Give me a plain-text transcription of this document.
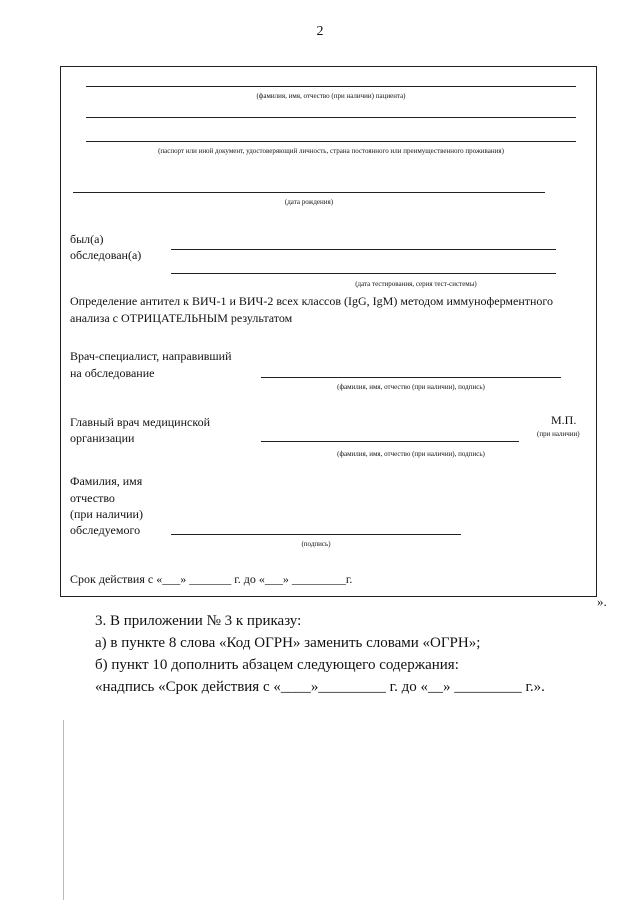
2
(фамилия, имя, отчество (при наличии) пациента)
(паспорт или иной документ, удостоверяющий личность, страна постоянного или преимущественного проживания)
(дата рождения)
был(а)
обследован(а)
(дата тестирования, серия тест-системы)
Определение антител к ВИЧ-1 и ВИЧ-2 всех классов (IgG, IgM) методом иммуноферментного анализа с ОТРИЦАТЕЛЬНЫМ результатом
Врач-специалист, направивший
на обследование
(фамилия, имя, отчество (при наличии), подпись)
Главный врач медицинской
организации
М.П.
(при наличии)
(фамилия, имя, отчество (при наличии), подпись)
Фамилия, имя
отчество
(при наличии)
обследуемого
(подпись)
Срок действия с «___» _______ г. до «___» _________г.
».
3. В приложении № 3 к приказу:
а) в пункте 8 слова «Код ОГРН» заменить словами «ОГРН»;
б) пункт 10 дополнить абзацем следующего содержания:
«надпись «Срок действия с «____»_________ г. до «__» _________ г.».
